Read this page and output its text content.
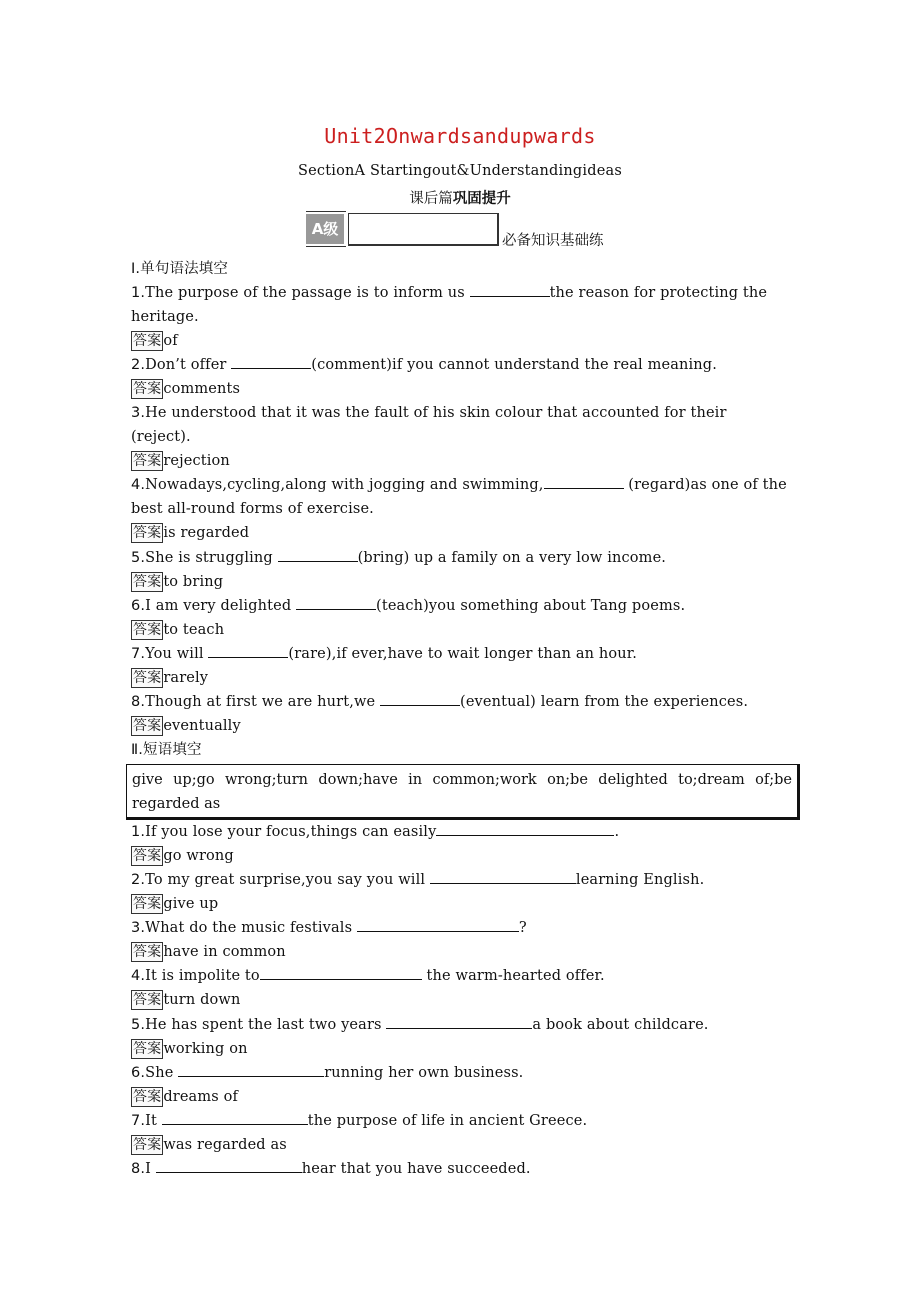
Unit2Onwardsandupwards
SectionA Startingout&Understandingideas
课后篇巩固提升
A级
必备知识基础练
Ⅰ.单句语法填空
1.The purpose of the passage is to inform us	the reason for protecting the
heritage.
答案 of
2.Don’t offer	(comment)if you cannot understand the real meaning.
答案 comments
3.He understood that it was the fault of his skin colour that accounted for their
(reject).
答案 rejection
4.Nowadays,cycling,along with jogging and swimming,	(regard)as one of the
best all-round forms of exercise.
答案 is regarded
5.She is struggling	(bring) up a family on a very low income.
答案 to bring
6.I am very delighted	(teach)you something about Tang poems.
答案 to teach
7.You will	(rare),if ever,have to wait longer than an hour.
答案 rarely
8.Though at first we are hurt,we	(eventual) learn from the experiences.
答案 eventually
Ⅱ.短语填空
give up;go wrong;turn down;have in common;work on;be delighted to;dream of;be
regarded as
1.If you lose your focus,things can easily	.
答案 go wrong
2.To my great surprise,you say you will	learning English.
答案 give up
3.What do the music festivals	?
答案 have in common
4.It is impolite to	the warm-hearted offer.
答案 turn down
5.He has spent the last two years	a book about childcare.
答案 working on
6.She	running her own business.
答案 dreams of
7.It	the purpose of life in ancient Greece.
答案 was regarded as
8.I	hear that you have succeeded.
